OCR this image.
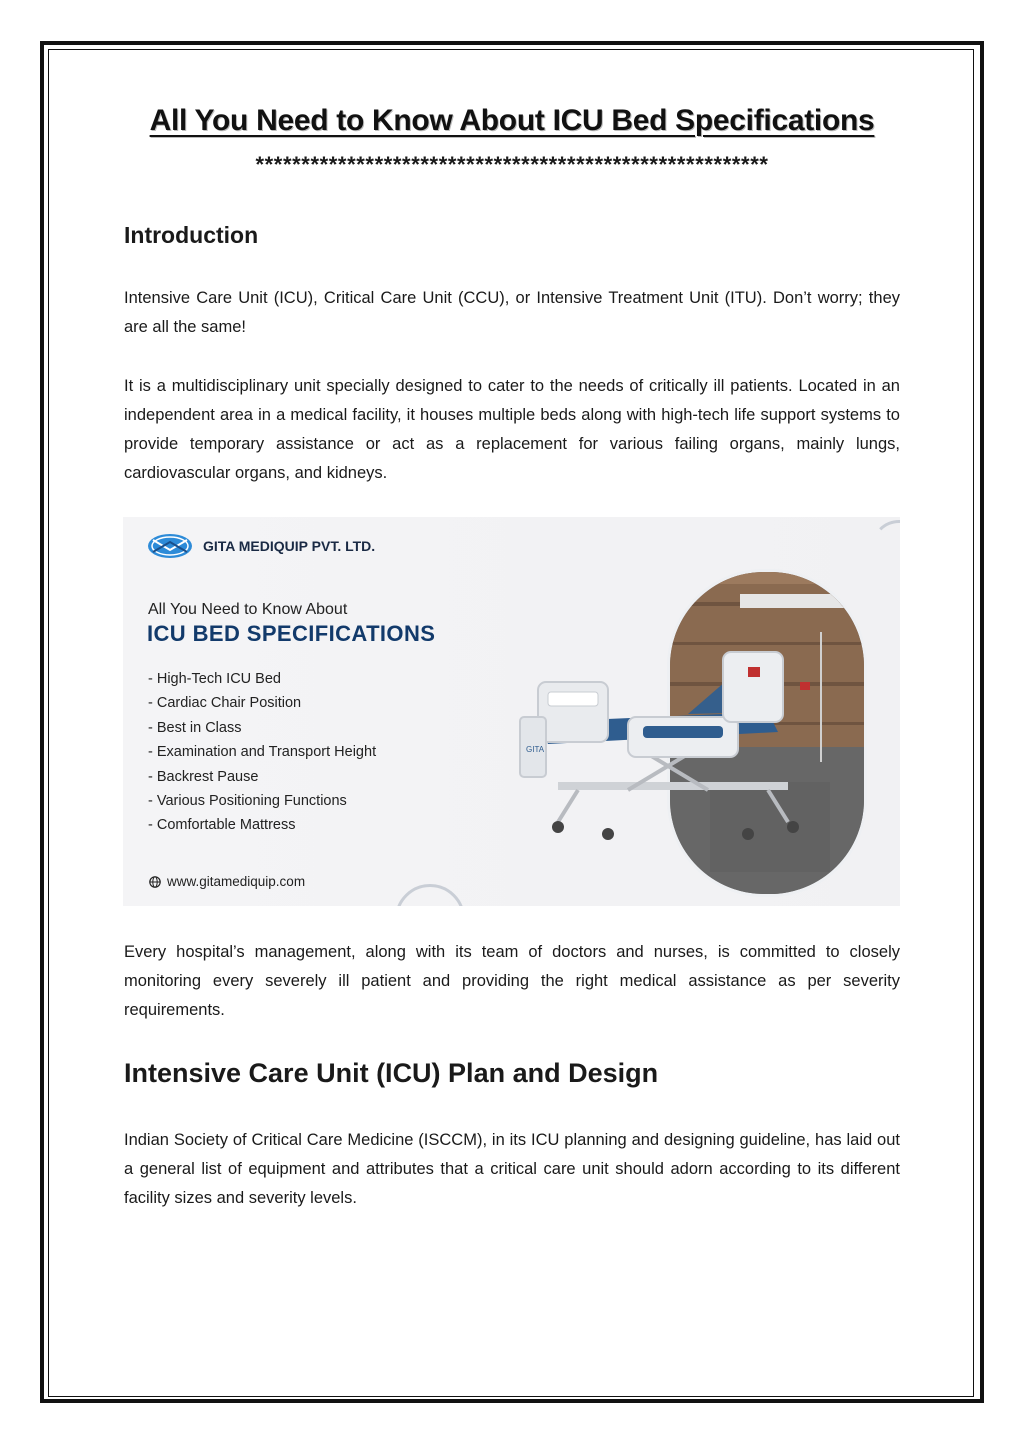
All You Need to Know About ICU Bed Specifications
********************************************************
Introduction

Intensive Care Unit (ICU), Critical Care Unit (CCU), or Intensive Treatment Unit (ITU). Don’t worry; they are all the same!

It is a multidisciplinary unit specially designed to cater to the needs of critically ill patients. Located in an independent area in a medical facility, it houses multiple beds along with high-tech life support systems to provide temporary assistance or act as a replacement for various failing organs, mainly lungs, cardiovascular organs, and kidneys.

GITA MEDIQUIP PVT. LTD.
All You Need to Know About
ICU BED SPECIFICATIONS
- High-Tech ICU Bed
- Cardiac Chair Position
- Best in Class
- Examination and Transport Height
- Backrest Pause
- Various Positioning Functions
- Comfortable Mattress
www.gitamediquip.com
GITA

Every hospital’s management, along with its team of doctors and nurses, is committed to closely monitoring every severely ill patient and providing the right medical assistance as per severity requirements.

Intensive Care Unit (ICU) Plan and Design

Indian Society of Critical Care Medicine (ISCCM), in its ICU planning and designing guideline, has laid out a general list of equipment and attributes that a critical care unit should adorn according to its different facility sizes and severity levels.
